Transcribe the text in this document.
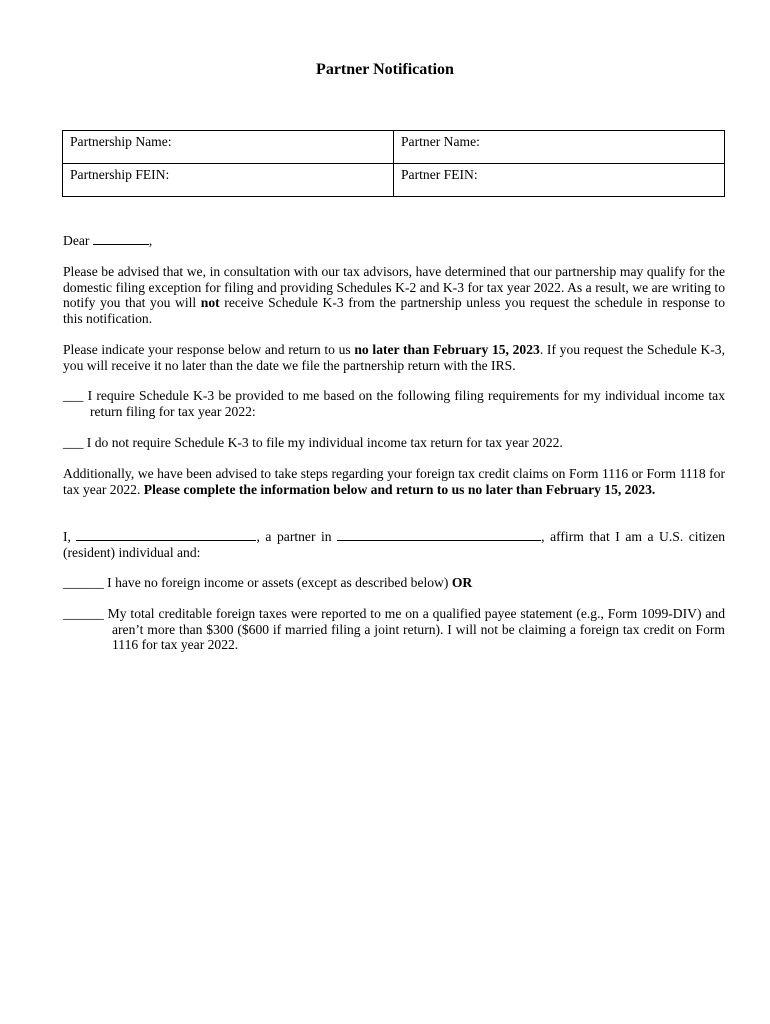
Partner Notification
Partnership Name:	Partner Name:
Partnership FEIN:	Partner FEIN:
Dear	,

Please be advised that we, in consultation with our tax advisors, have determined that our partnership may qualify for the domestic filing exception for filing and providing Schedules K-2 and K-3 for tax year 2022. As a result, we are writing to notify you that you will not receive Schedule K-3 from the partnership unless you request the schedule in response to this notification.

Please indicate your response below and return to us no later than February 15, 2023. If you request the Schedule K-3, you will receive it no later than the date we file the partnership return with the IRS.

___ I require Schedule K-3 be provided to me based on the following filing requirements for my individual income tax return filing for tax year 2022:

___ I do not require Schedule K-3 to file my individual income tax return for tax year 2022.

Additionally, we have been advised to take steps regarding your foreign tax credit claims on Form 1116 or Form 1118 for tax year 2022. Please complete the information below and return to us no later than February 15, 2023.

I,	, a partner in	, affirm that I am a U.S. citizen (resident) individual and:

______ I have no foreign income or assets (except as described below) OR

______ My total creditable foreign taxes were reported to me on a qualified payee statement (e.g., Form 1099-DIV) and aren’t more than $300 ($600 if married filing a joint return). I will not be claiming a foreign tax credit on Form 1116 for tax year 2022.
